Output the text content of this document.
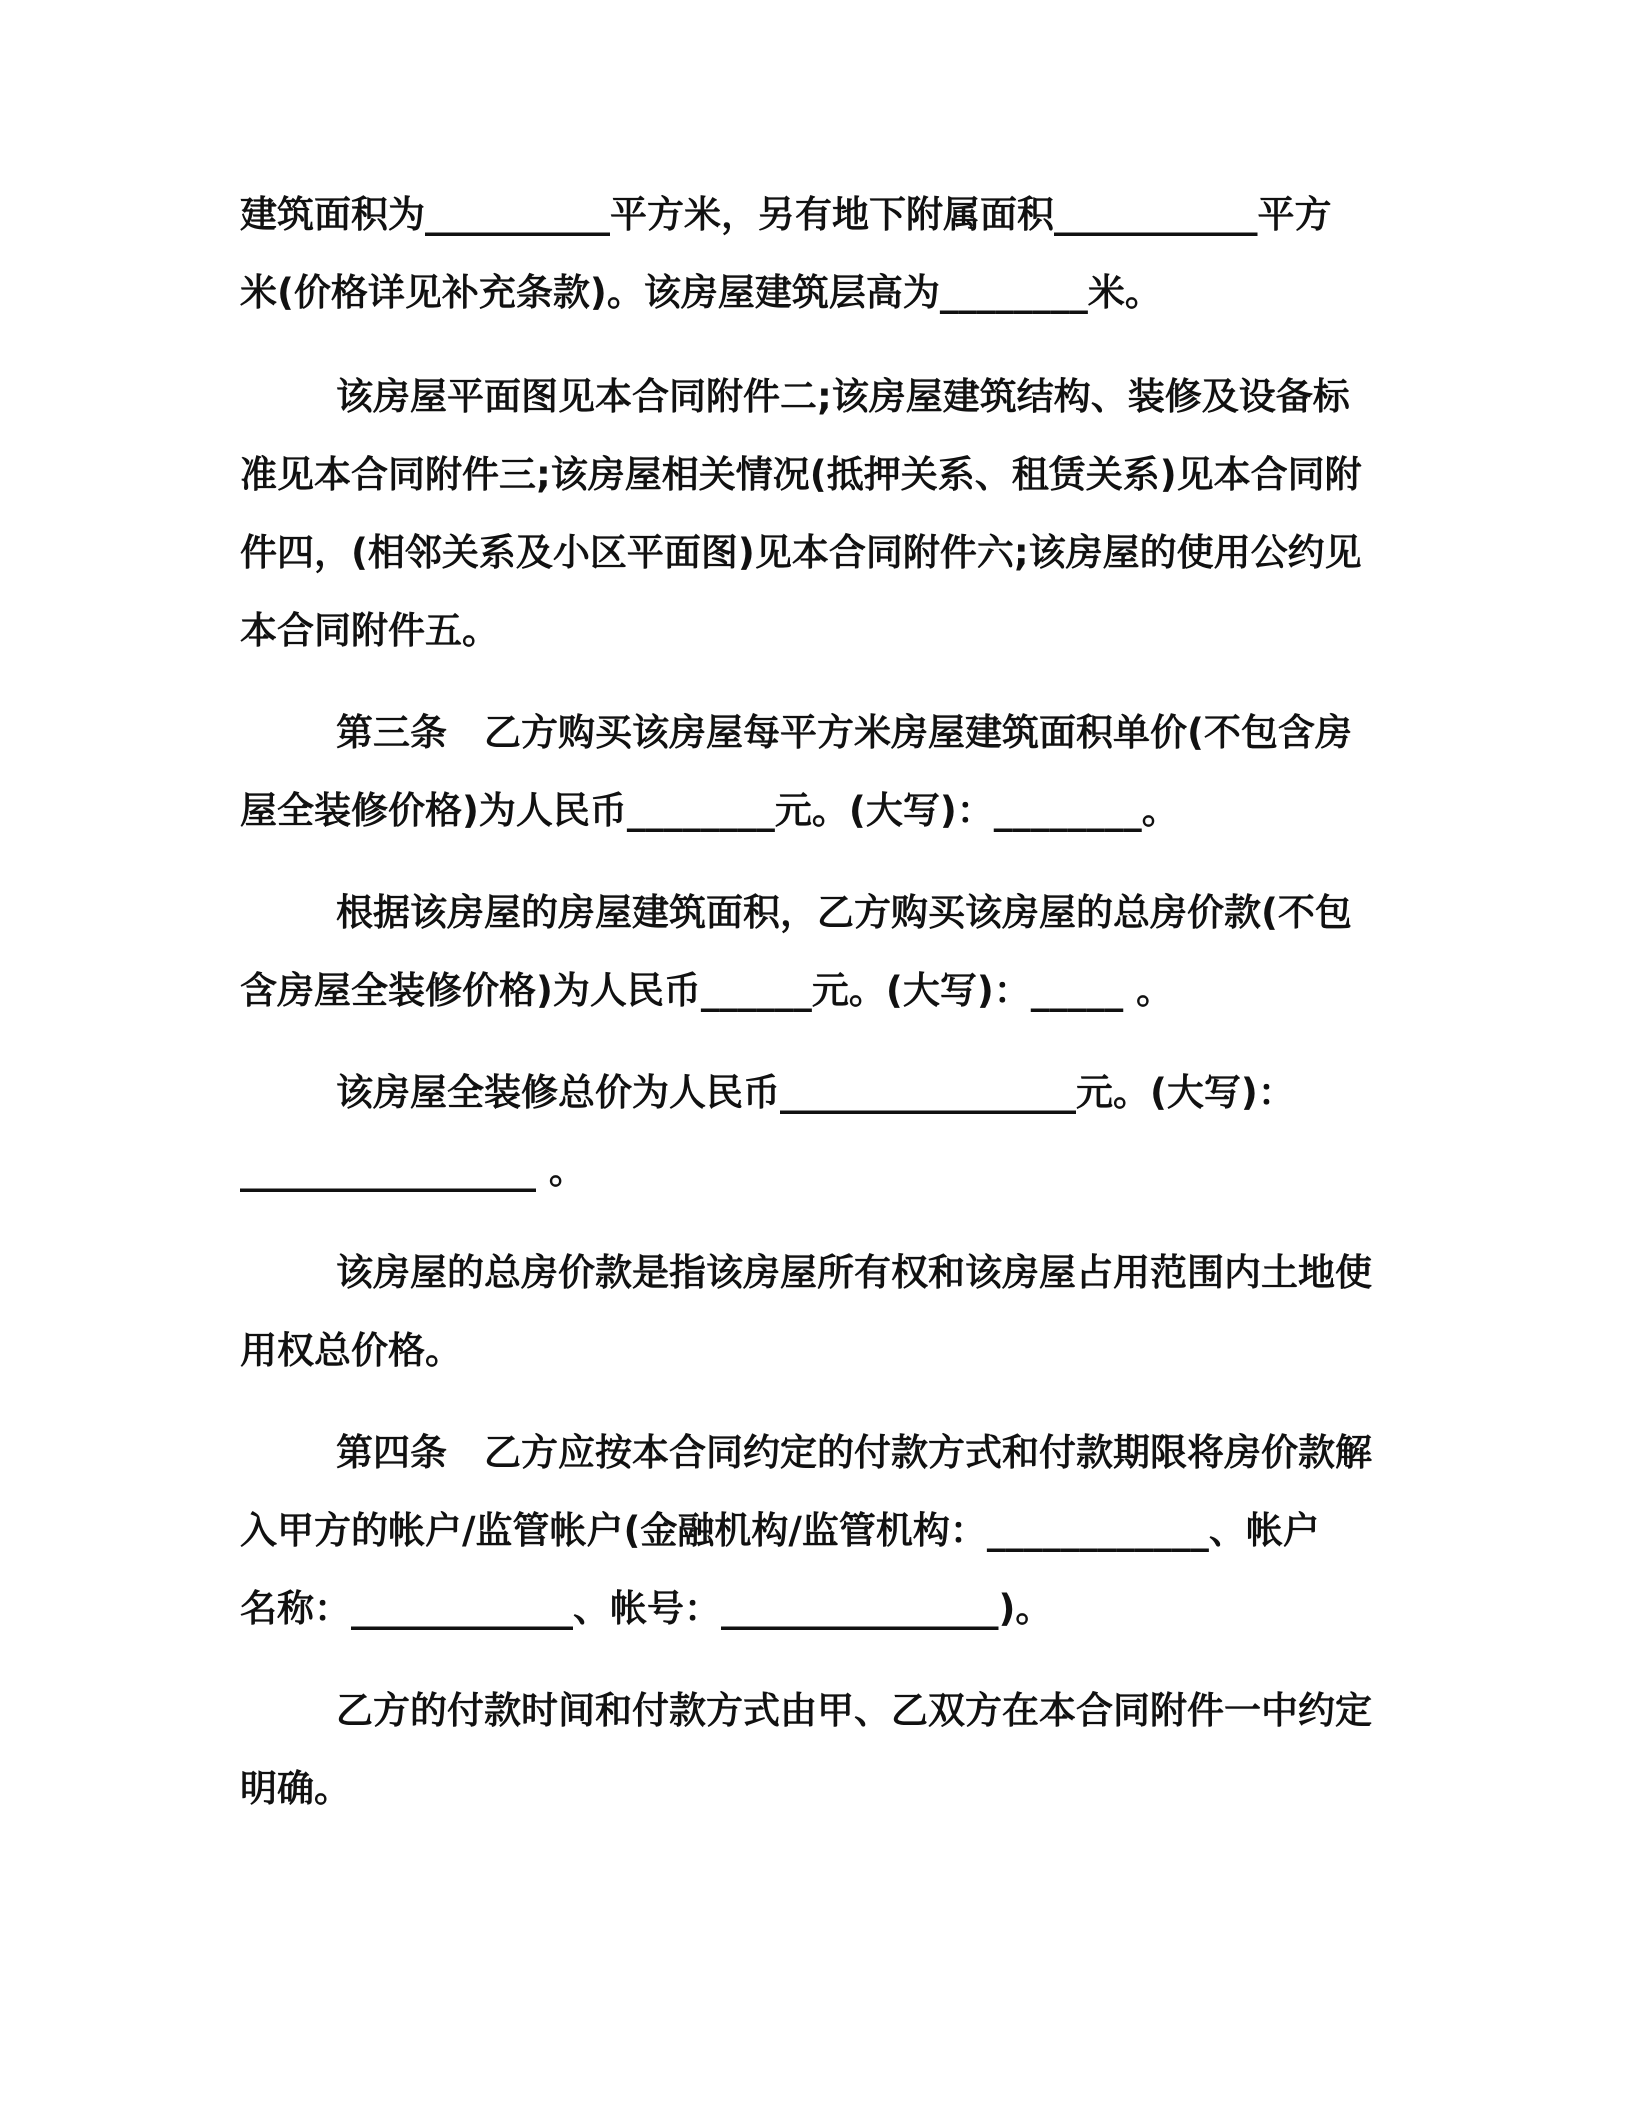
建筑面积为__________平方米，另有地下附属面积___________平方
米(价格详见补充条款)。该房屋建筑层高为________米。
该房屋平面图见本合同附件二;该房屋建筑结构、装修及设备标
准见本合同附件三;该房屋相关情况(抵押关系、租赁关系)见本合同附
件四，(相邻关系及小区平面图)见本合同附件六;该房屋的使用公约见
本合同附件五。
第三条　乙方购买该房屋每平方米房屋建筑面积单价(不包含房
屋全装修价格)为人民币________元。(大写)：________。
根据该房屋的房屋建筑面积，乙方购买该房屋的总房价款(不包
含房屋全装修价格)为人民币______元。(大写)：_____ 。
该房屋全装修总价为人民币________________元。(大写)：
________________ 。
该房屋的总房价款是指该房屋所有权和该房屋占用范围内土地使
用权总价格。
第四条　乙方应按本合同约定的付款方式和付款期限将房价款解
入甲方的帐户/监管帐户(金融机构/监管机构：____________、帐户
名称：____________、帐号：_______________)。
乙方的付款时间和付款方式由甲、乙双方在本合同附件一中约定
明确。
